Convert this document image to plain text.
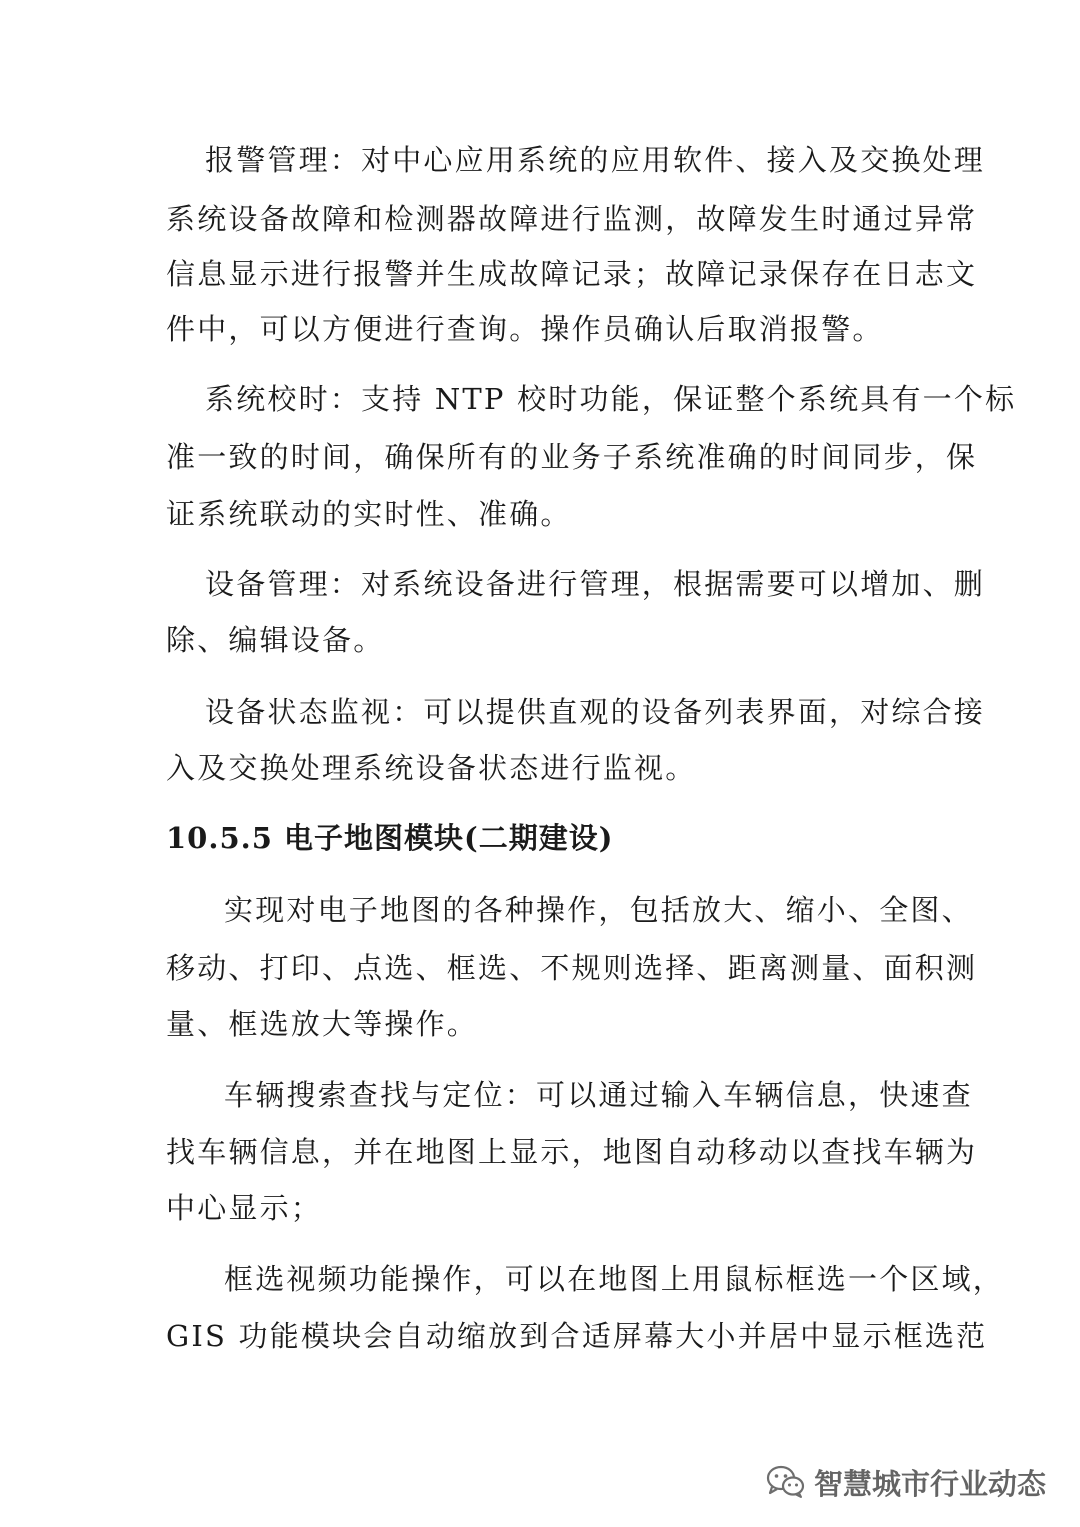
报警管理：对中心应用系统的应用软件、接入及交换处理
系统设备故障和检测器故障进行监测，故障发生时通过异常
信息显示进行报警并生成故障记录；故障记录保存在日志文
件中，可以方便进行查询。操作员确认后取消报警。
系统校时：支持 NTP 校时功能，保证整个系统具有一个标
准一致的时间，确保所有的业务子系统准确的时间同步，保
证系统联动的实时性、准确。
设备管理：对系统设备进行管理，根据需要可以增加、删
除、编辑设备。
设备状态监视：可以提供直观的设备列表界面，对综合接
入及交换处理系统设备状态进行监视。
10.5.5 电子地图模块(二期建设)
实现对电子地图的各种操作，包括放大、缩小、全图、
移动、打印、点选、框选、不规则选择、距离测量、面积测
量、框选放大等操作。
车辆搜索查找与定位：可以通过输入车辆信息，快速查
找车辆信息，并在地图上显示，地图自动移动以查找车辆为
中心显示；
框选视频功能操作，可以在地图上用鼠标框选一个区域，
GIS 功能模块会自动缩放到合适屏幕大小并居中显示框选范
智慧城市行业动态
